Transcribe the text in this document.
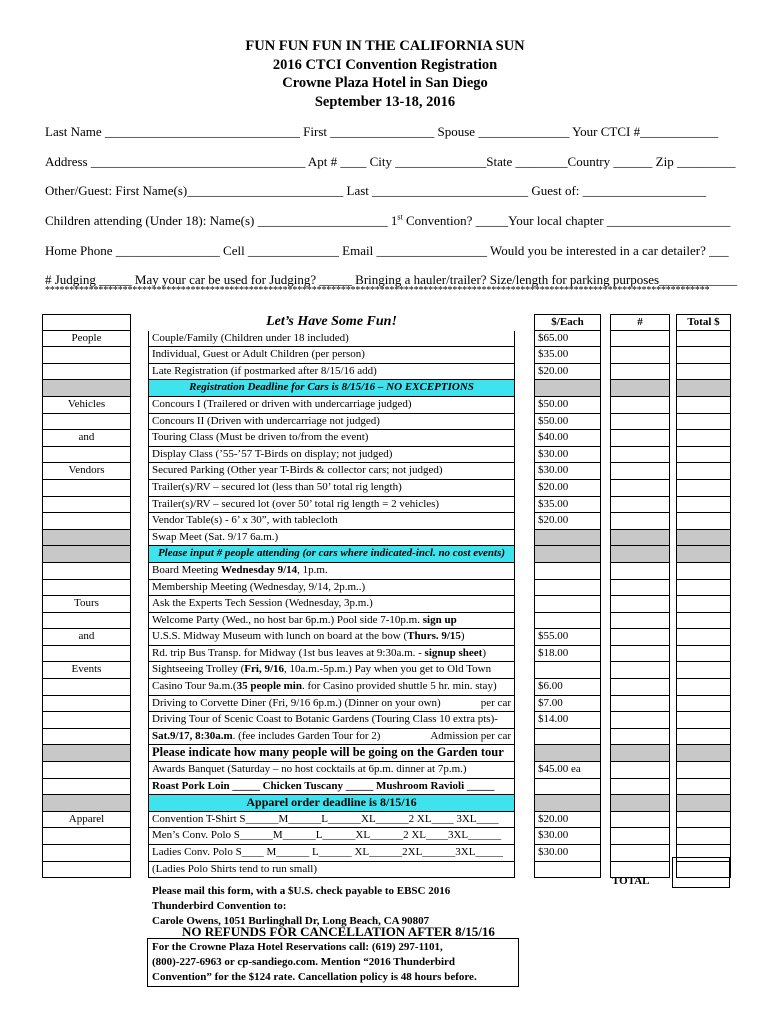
FUN FUN FUN IN THE CALIFORNIA SUN
2016 CTCI Convention Registration
Crowne Plaza Hotel in San Diego
September 13-18, 2016
Last Name ______________________________ First ________________ Spouse ______________ Your CTCI #____________
Address _________________________________ Apt # ____ City ______________State ________Country ______ Zip _________
Other/Guest: First Name(s)________________________ Last ________________________ Guest of: ___________________
Children attending (Under 18): Name(s) ____________________ 1st Convention? _____Your local chapter ___________________
Home Phone ________________ Cell ______________ Email _________________ Would you be interested in a car detailer? ___
# Judging _____ May your car be used for Judging? _____ Bringing a hauler/trailer? Size/length for parking purposes____________
*****************************************************************************************************************************************
People
Vehicles
and
Vendors
Tours
and
Events
Apparel
Let’s Have Some Fun!
Couple/Family (Children under 18 included)
Individual, Guest or Adult Children (per person)
Late Registration (if postmarked after 8/15/16 add)
Registration Deadline for Cars is 8/15/16 – NO EXCEPTIONS
Concours I (Trailered or driven with undercarriage judged)
Concours II (Driven with undercarriage not judged)
Touring Class (Must be driven to/from the event)
Display Class (’55-’57 T-Birds on display; not judged)
Secured Parking (Other year T-Birds & collector cars; not judged)
Trailer(s)/RV – secured lot (less than 50’ total rig length)
Trailer(s)/RV – secured lot (over 50’ total rig length = 2 vehicles)
Vendor Table(s) - 6’ x 30”, with tablecloth
Swap Meet (Sat. 9/17 6a.m.)
Please input # people attending (or cars where indicated-incl. no cost events)
Board Meeting Wednesday 9/14, 1p.m.
Membership Meeting (Wednesday, 9/14, 2p.m..)
Ask the Experts Tech Session (Wednesday, 3p.m.)
Welcome Party (Wed., no host bar 6p.m.) Pool side 7-10p.m. sign up
U.S.S. Midway Museum with lunch on board at the bow (Thurs. 9/15)
Rd. trip Bus Transp. for Midway (1st bus leaves at 9:30a.m. - signup sheet)
Sightseeing Trolley (Fri, 9/16, 10a.m.-5p.m.) Pay when you get to Old Town
Casino Tour 9a.m.(35 people min. for Casino provided shuttle 5 hr. min. stay)
per car
Driving to Corvette Diner (Fri, 9/16 6p.m.) (Dinner on your own)
Driving Tour of Scenic Coast to Botanic Gardens (Touring Class 10 extra pts)-
Admission per car
Sat.9/17, 8:30a.m. (fee includes Garden Tour for 2)
Please indicate how many people will be going on the Garden tour
Awards Banquet (Saturday – no host cocktails at 6p.m. dinner at 7p.m.)
Roast Pork Loin _____ Chicken Tuscany _____ Mushroom Ravioli _____
Apparel order deadline is 8/15/16
Convention T-Shirt S______M______L______XL______2 XL____ 3XL____
Men’s Conv. Polo S______M______L______XL______2 XL____3XL______
Ladies Conv. Polo S____ M______ L______ XL______2XL______3XL_____
(Ladies Polo Shirts tend to run small)
$/Each
$65.00
$35.00
$20.00
$50.00
$50.00
$40.00
$30.00
$30.00
$20.00
$35.00
$20.00
$55.00
$18.00
$6.00
$7.00
$14.00
$45.00 ea
$20.00
$30.00
$30.00
#	Total $
TOTAL
Please mail this form, with a $U.S. check payable to EBSC 2016
Thunderbird Convention to:
Carole Owens, 1051 Burlinghall Dr, Long Beach, CA 90807
NO REFUNDS FOR CANCELLATION AFTER 8/15/16
For the Crowne Plaza Hotel Reservations call: (619) 297-1101,
(800)-227-6963 or cp-sandiego.com. Mention “2016 Thunderbird
Convention” for the $124 rate. Cancellation policy is 48 hours before.
